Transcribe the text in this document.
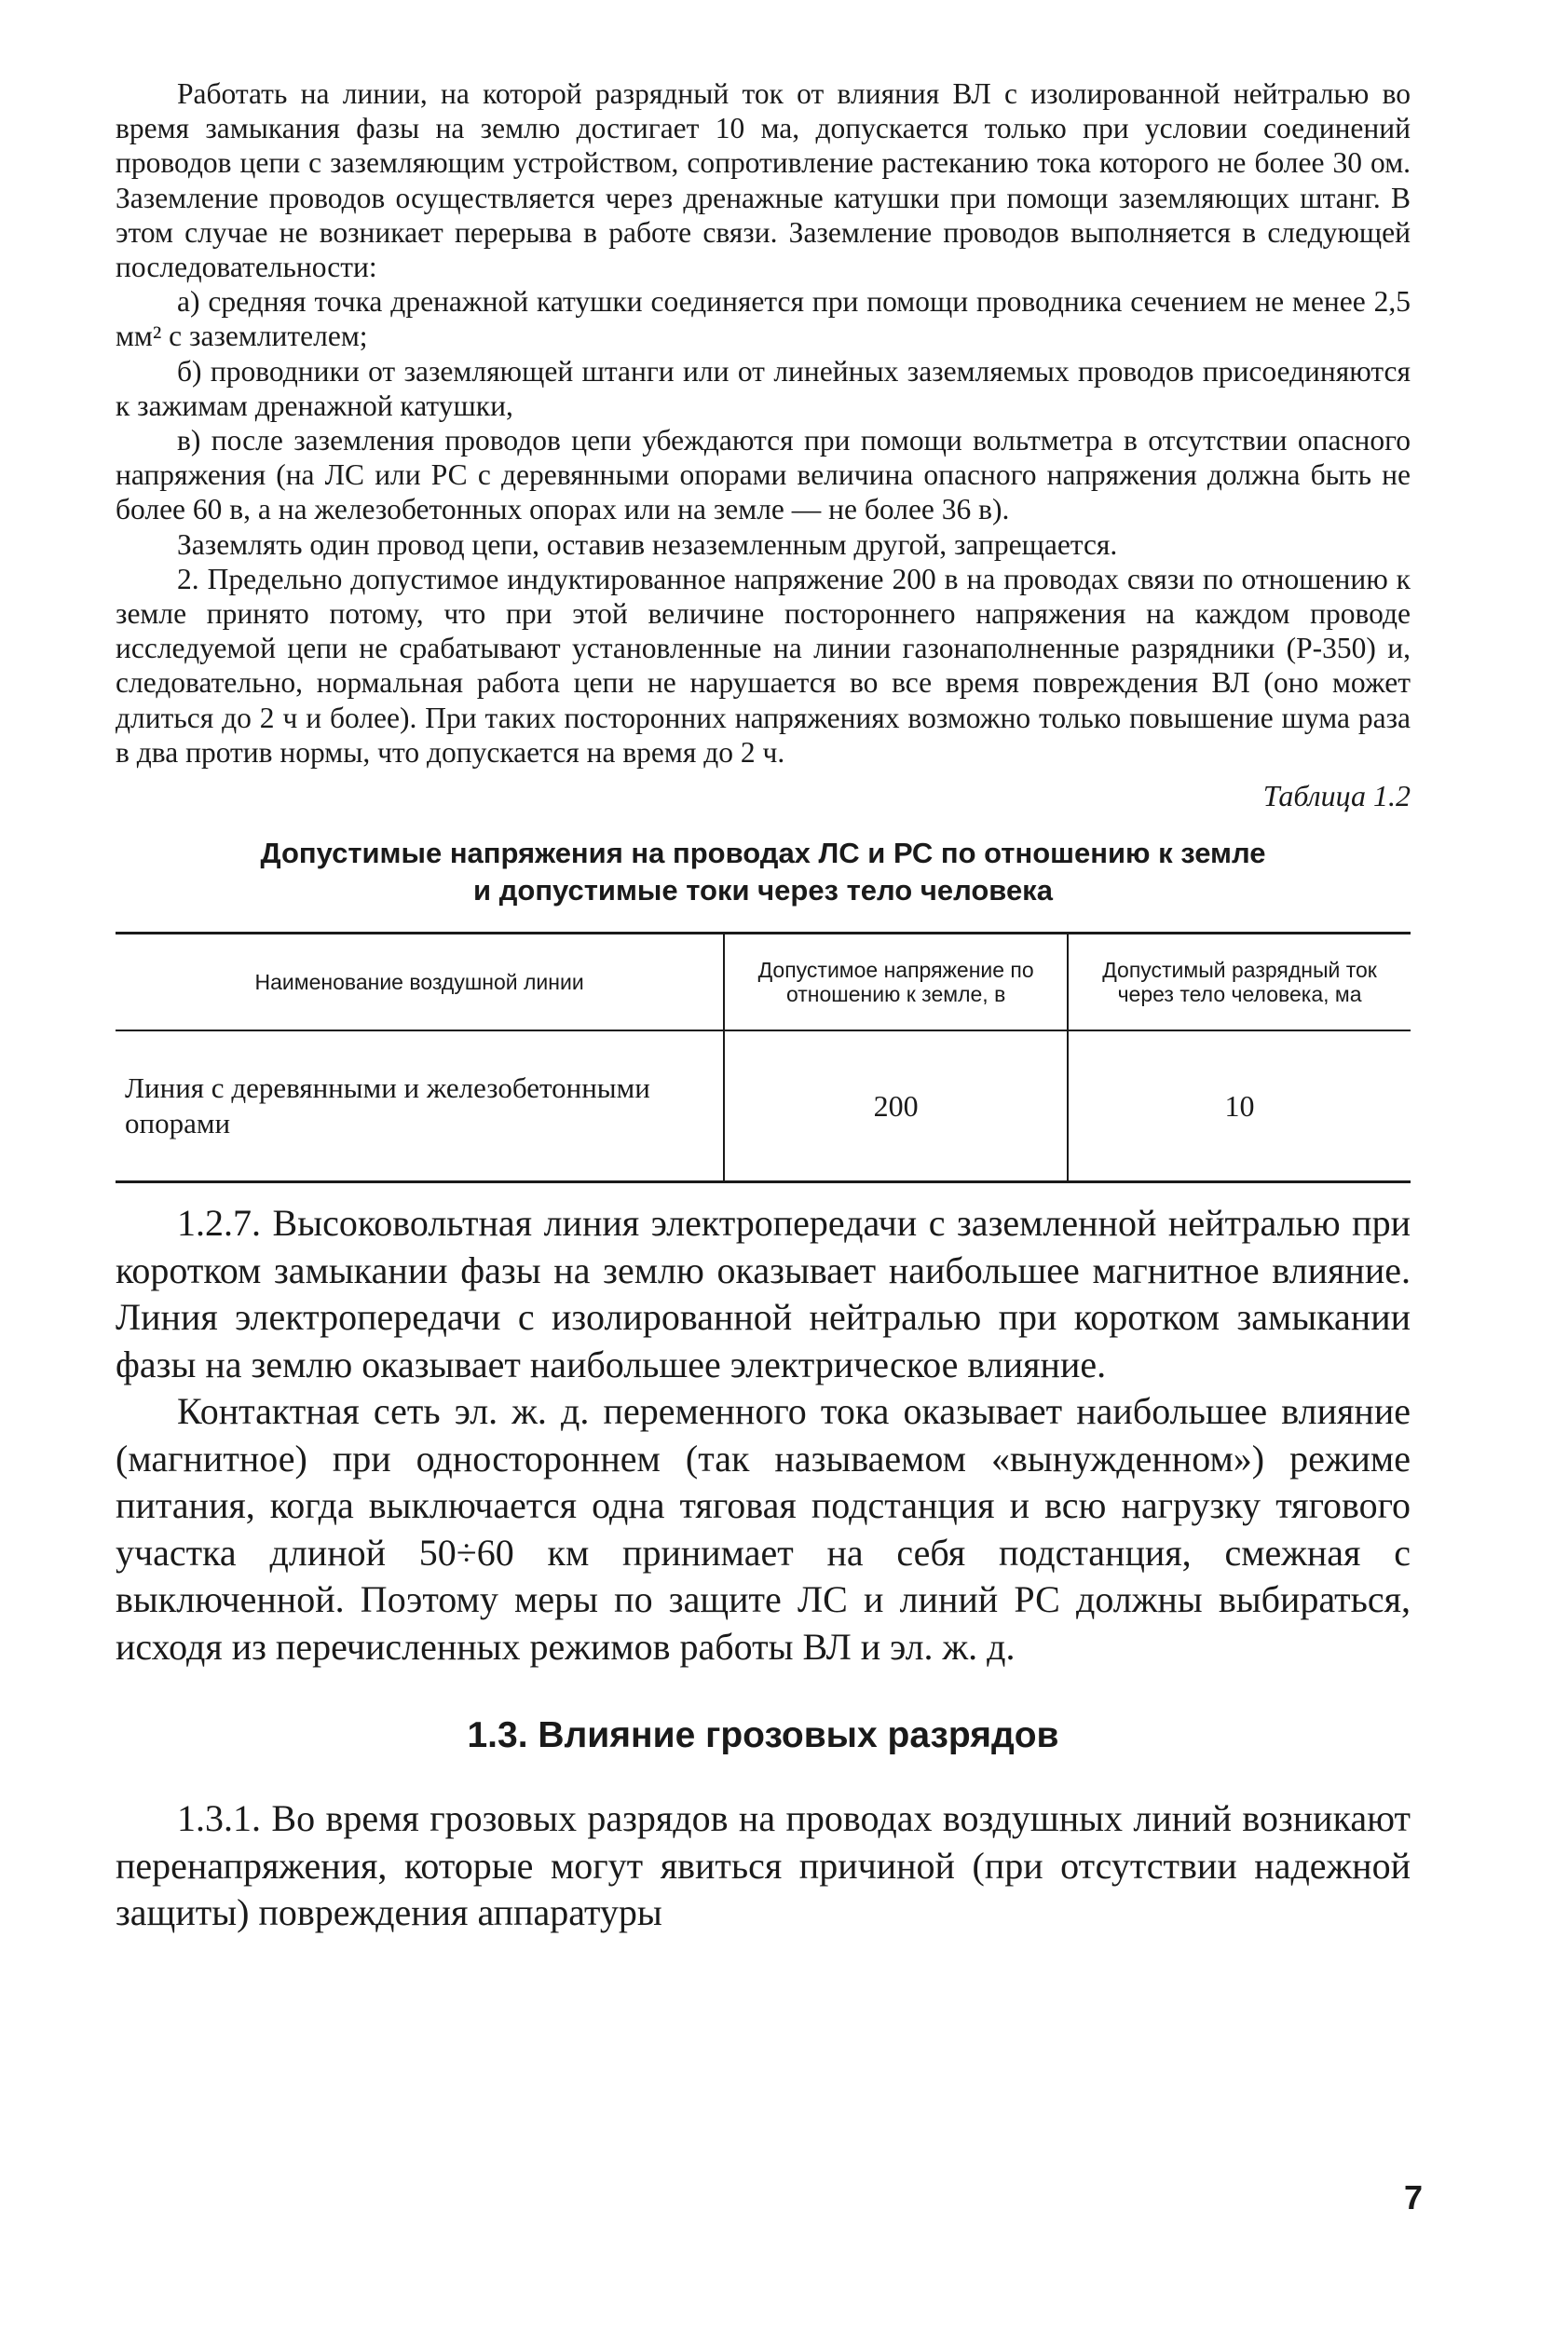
Работать на линии, на которой разрядный ток от влияния ВЛ с изолированной нейтралью во время замыкания фазы на землю достигает 10 ма, допускается только при условии соединений проводов цепи с заземляющим устройством, сопротивление растеканию тока которого не более 30 ом. Заземление проводов осуществляется через дренажные катушки при помощи заземляющих штанг. В этом случае не возникает перерыва в работе связи. Заземление проводов выполняется в следующей последовательности:

а) средняя точка дренажной катушки соединяется при помощи проводника сечением не менее 2,5 мм² с заземлителем;

б) проводники от заземляющей штанги или от линейных заземляемых проводов присоединяются к зажимам дренажной катушки,

в) после заземления проводов цепи убеждаются при помощи вольтметра в отсутствии опасного напряжения (на ЛС или РС с деревянными опорами величина опасного напряжения должна быть не более 60 в, а на железобетонных опорах или на земле — не более 36 в).

Заземлять один провод цепи, оставив незаземленным другой, запрещается.

2. Предельно допустимое индуктированное напряжение 200 в на проводах связи по отношению к земле принято потому, что при этой величине постороннего напряжения на каждом проводе исследуемой цепи не срабатывают установленные на линии газонаполненные разрядники (Р-350) и, следовательно, нормальная работа цепи не нарушается во все время повреждения ВЛ (оно может длиться до 2 ч и более). При таких посторонних напряжениях возможно только повышение шума раза в два против нормы, что допускается на время до 2 ч.

Таблица 1.2
Допустимые напряжения на проводах ЛС и РС по отношению к земле
и допустимые токи через тело человека
Наименование воздушной линии	Допустимое напряжение по отношению к земле, в	Допустимый разрядный ток через тело человека, ма
Линия с деревянными и железобетонными опорами	200	10

1.2.7. Высоковольтная линия электропередачи с заземленной нейтралью при коротком замыкании фазы на землю оказывает наибольшее магнитное влияние. Линия электропередачи с изолированной нейтралью при коротком замыкании фазы на землю оказывает наибольшее электрическое влияние.

Контактная сеть эл. ж. д. переменного тока оказывает наибольшее влияние (магнитное) при одностороннем (так называемом «вынужденном») режиме питания, когда выключается одна тяговая подстанция и всю нагрузку тягового участка длиной 50÷60 км принимает на себя подстанция, смежная с выключенной. Поэтому меры по защите ЛС и линий РС должны выбираться, исходя из перечисленных режимов работы ВЛ и эл. ж. д.

1.3. Влияние грозовых разрядов

1.3.1. Во время грозовых разрядов на проводах воздушных линий возникают перенапряжения, которые могут явиться причиной (при отсутствии надежной защиты) повреждения аппаратуры

7
